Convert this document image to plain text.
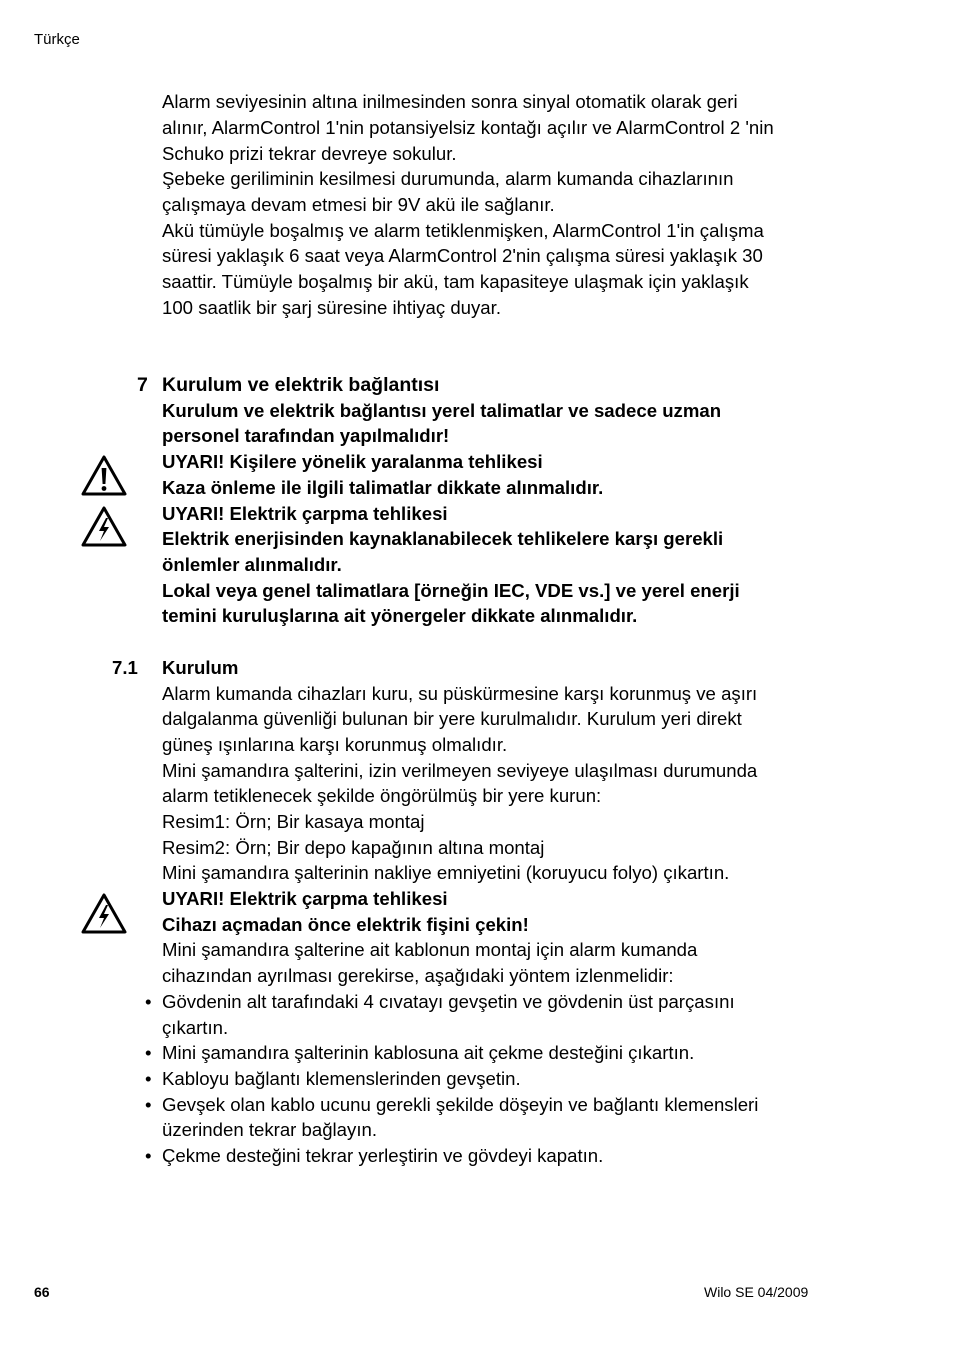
Türkçe
Alarm seviyesinin altına inilmesinden sonra sinyal otomatik olarak geri
alınır, AlarmControl 1'nin potansiyelsiz kontağı açılır ve AlarmControl 2 'nin
Schuko prizi tekrar devreye sokulur.
Şebeke geriliminin kesilmesi durumunda, alarm kumanda cihazlarının
çalışmaya devam etmesi bir 9V akü ile sağlanır.
Akü tümüyle boşalmış ve alarm tetiklenmişken, AlarmControl 1'in çalışma
süresi yaklaşık 6 saat veya AlarmControl 2'nin çalışma süresi yaklaşık 30
saattir. Tümüyle boşalmış bir akü, tam kapasiteye ulaşmak için yaklaşık
100 saatlik bir şarj süresine ihtiyaç duyar.
7 Kurulum ve elektrik bağlantısı
Kurulum ve elektrik bağlantısı yerel talimatlar ve sadece uzman
personel tarafından yapılmalıdır!
UYARI! Kişilere yönelik yaralanma tehlikesi
Kaza önleme ile ilgili talimatlar dikkate alınmalıdır.
UYARI! Elektrik çarpma tehlikesi
Elektrik enerjisinden kaynaklanabilecek tehlikelere karşı gerekli
önlemler alınmalıdır.
Lokal veya genel talimatlara [örneğin IEC, VDE vs.] ve yerel enerji
temini kuruluşlarına ait yönergeler dikkate alınmalıdır.
7.1 Kurulum
Alarm kumanda cihazları kuru, su püskürmesine karşı korunmuş ve aşırı
dalgalanma güvenliği bulunan bir yere kurulmalıdır. Kurulum yeri direkt
güneş ışınlarına karşı korunmuş olmalıdır.
Mini şamandıra şalterini, izin verilmeyen seviyeye ulaşılması durumunda
alarm tetiklenecek şekilde öngörülmüş bir yere kurun:
Resim1: Örn; Bir kasaya montaj
Resim2: Örn; Bir depo kapağının altına montaj
Mini şamandıra şalterinin nakliye emniyetini (koruyucu folyo) çıkartın.
UYARI! Elektrik çarpma tehlikesi
Cihazı açmadan önce elektrik fişini çekin!
Mini şamandıra şalterine ait kablonun montaj için alarm kumanda
cihazından ayrılması gerekirse, aşağıdaki yöntem izlenmelidir:
• Gövdenin alt tarafındaki 4 cıvatayı gevşetin ve gövdenin üst parçasını
çıkartın.
• Mini şamandıra şalterinin kablosuna ait çekme desteğini çıkartın.
• Kabloyu bağlantı klemenslerinden gevşetin.
• Gevşek olan kablo ucunu gerekli şekilde döşeyin ve bağlantı klemensleri
üzerinden tekrar bağlayın.
• Çekme desteğini tekrar yerleştirin ve gövdeyi kapatın.
66	Wilo SE 04/2009
